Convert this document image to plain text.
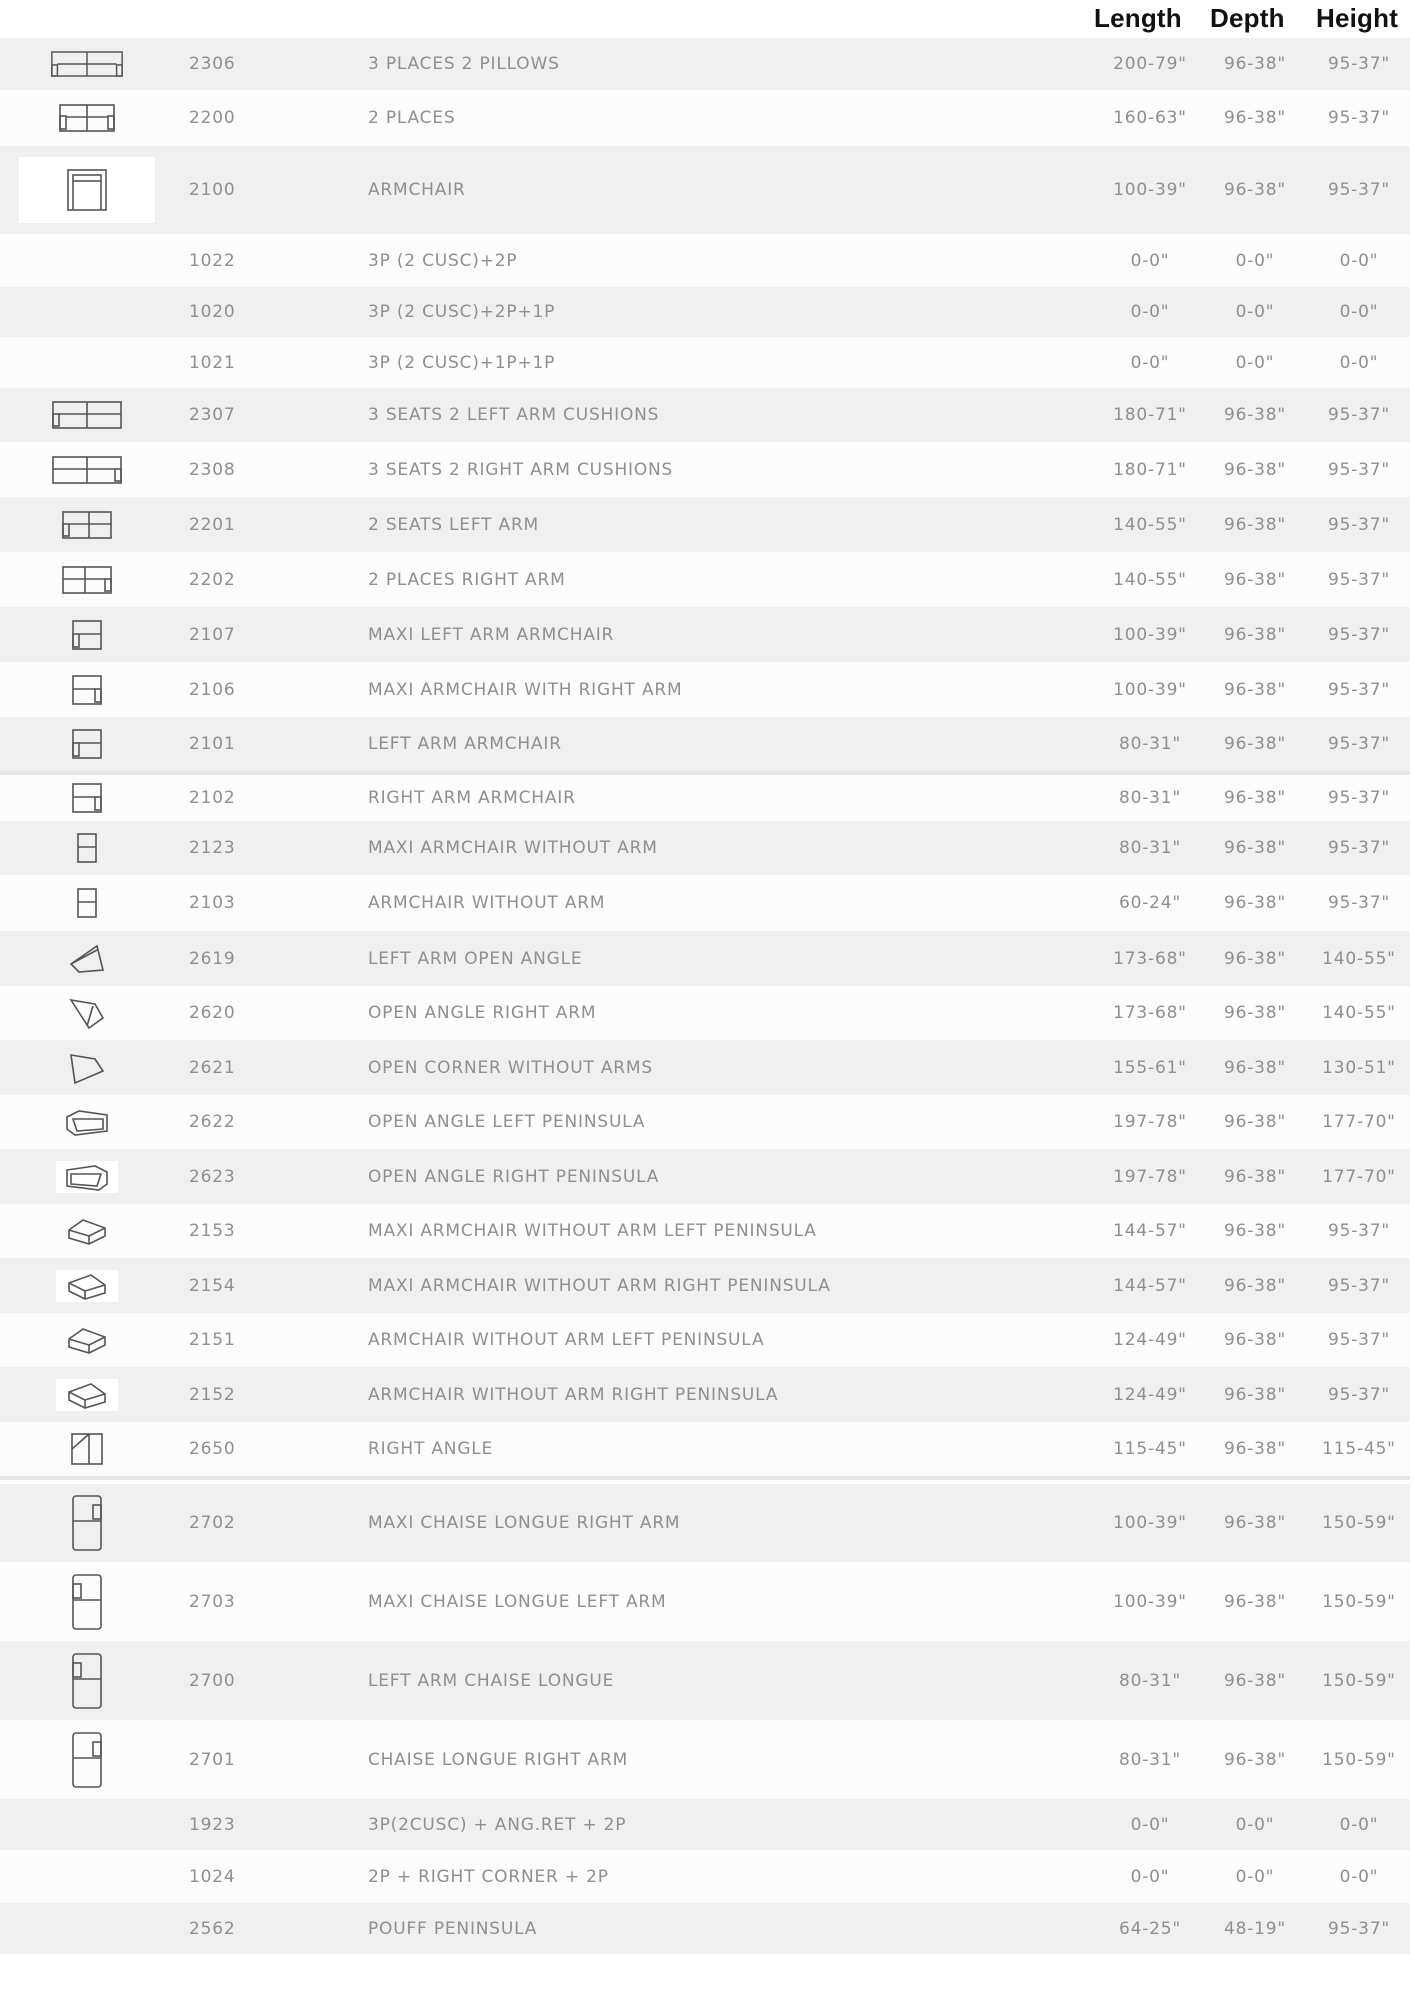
Length Depth Height
2306	3 PLACES 2 PILLOWS	200-79"	96-38"	95-37"
2200	2 PLACES	160-63"	96-38"	95-37"
2100	ARMCHAIR	100-39"	96-38"	95-37"
1022	3P (2 CUSC)+2P	0-0"	0-0"	0-0"
1020	3P (2 CUSC)+2P+1P	0-0"	0-0"	0-0"
1021	3P (2 CUSC)+1P+1P	0-0"	0-0"	0-0"
2307	3 SEATS 2 LEFT ARM CUSHIONS	180-71"	96-38"	95-37"
2308	3 SEATS 2 RIGHT ARM CUSHIONS	180-71"	96-38"	95-37"
2201	2 SEATS LEFT ARM	140-55"	96-38"	95-37"
2202	2 PLACES RIGHT ARM	140-55"	96-38"	95-37"
2107	MAXI LEFT ARM ARMCHAIR	100-39"	96-38"	95-37"
2106	MAXI ARMCHAIR WITH RIGHT ARM	100-39"	96-38"	95-37"
2101	LEFT ARM ARMCHAIR	80-31"	96-38"	95-37"
2102	RIGHT ARM ARMCHAIR	80-31"	96-38"	95-37"
2123	MAXI ARMCHAIR WITHOUT ARM	80-31"	96-38"	95-37"
2103	ARMCHAIR WITHOUT ARM	60-24"	96-38"	95-37"
2619	LEFT ARM OPEN ANGLE	173-68"	96-38"	140-55"
2620	OPEN ANGLE RIGHT ARM	173-68"	96-38"	140-55"
2621	OPEN CORNER WITHOUT ARMS	155-61"	96-38"	130-51"
2622	OPEN ANGLE LEFT PENINSULA	197-78"	96-38"	177-70"
2623	OPEN ANGLE RIGHT PENINSULA	197-78"	96-38"	177-70"
2153	MAXI ARMCHAIR WITHOUT ARM LEFT PENINSULA	144-57"	96-38"	95-37"
2154	MAXI ARMCHAIR WITHOUT ARM RIGHT PENINSULA	144-57"	96-38"	95-37"
2151	ARMCHAIR WITHOUT ARM LEFT PENINSULA	124-49"	96-38"	95-37"
2152	ARMCHAIR WITHOUT ARM RIGHT PENINSULA	124-49"	96-38"	95-37"
2650	RIGHT ANGLE	115-45"	96-38"	115-45"
2702	MAXI CHAISE LONGUE RIGHT ARM	100-39"	96-38"	150-59"
2703	MAXI CHAISE LONGUE LEFT ARM	100-39"	96-38"	150-59"
2700	LEFT ARM CHAISE LONGUE	80-31"	96-38"	150-59"
2701	CHAISE LONGUE RIGHT ARM	80-31"	96-38"	150-59"
1923	3P(2CUSC) + ANG.RET + 2P	0-0"	0-0"	0-0"
1024	2P + RIGHT CORNER + 2P	0-0"	0-0"	0-0"
2562	POUFF PENINSULA	64-25"	48-19"	95-37"
